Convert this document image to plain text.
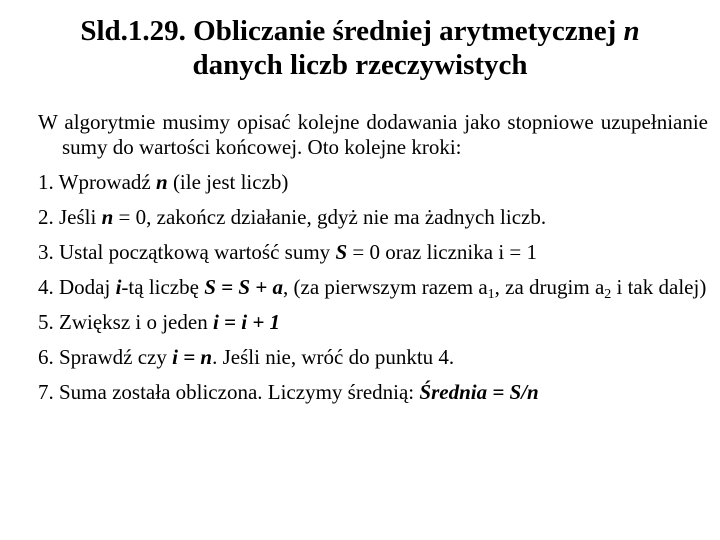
Sld.1.29. Obliczanie średniej arytmetycznej n
danych liczb rzeczywistych
W algorytmie musimy opisać kolejne dodawania jako stopniowe uzupełnianie sumy do wartości końcowej. Oto kolejne kroki:
1. Wprowadź n (ile jest liczb)
2. Jeśli n = 0, zakończ działanie, gdyż nie ma żadnych liczb.
3. Ustal początkową wartość sumy S = 0 oraz licznika i = 1
4. Dodaj i-tą liczbę S = S + a, (za pierwszym razem $a_1$, za drugim $a_2$ i tak dalej)
5. Zwiększ i o jeden i = i + 1
6. Sprawdź czy i = n. Jeśli nie, wróć do punktu 4.
7. Suma została obliczona. Liczymy średnią: Średnia = S/n
